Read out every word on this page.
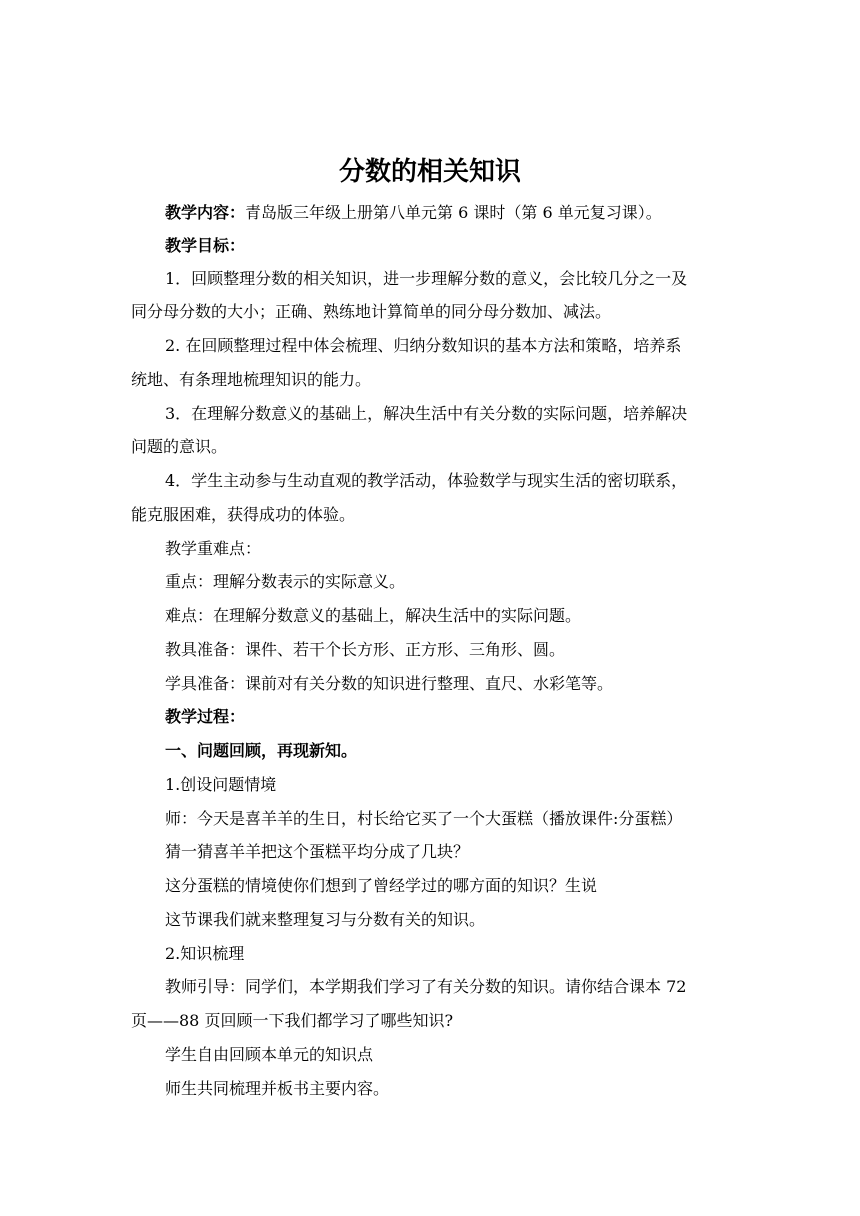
分数的相关知识
教学内容：青岛版三年级上册第八单元第 6 课时（第 6 单元复习课）。
教学目标：
1．回顾整理分数的相关知识，进一步理解分数的意义，会比较几分之一及
同分母分数的大小；正确、熟练地计算简单的同分母分数加、减法。
2. 在回顾整理过程中体会梳理、归纳分数知识的基本方法和策略，培养系
统地、有条理地梳理知识的能力。
3．在理解分数意义的基础上，解决生活中有关分数的实际问题，培养解决
问题的意识。
4．学生主动参与生动直观的教学活动，体验数学与现实生活的密切联系，
能克服困难，获得成功的体验。
教学重难点：
重点：理解分数表示的实际意义。
难点：在理解分数意义的基础上，解决生活中的实际问题。
教具准备：课件、若干个长方形、正方形、三角形、圆。
学具准备：课前对有关分数的知识进行整理、直尺、水彩笔等。
教学过程：
一、问题回顾，再现新知。
1.创设问题情境
师：今天是喜羊羊的生日，村长给它买了一个大蛋糕（播放课件:分蛋糕）
猜一猜喜羊羊把这个蛋糕平均分成了几块？
这分蛋糕的情境使你们想到了曾经学过的哪方面的知识？生说
这节课我们就来整理复习与分数有关的知识。
2.知识梳理
教师引导：同学们，本学期我们学习了有关分数的知识。请你结合课本 72
页——88 页回顾一下我们都学习了哪些知识?
学生自由回顾本单元的知识点
师生共同梳理并板书主要内容。
